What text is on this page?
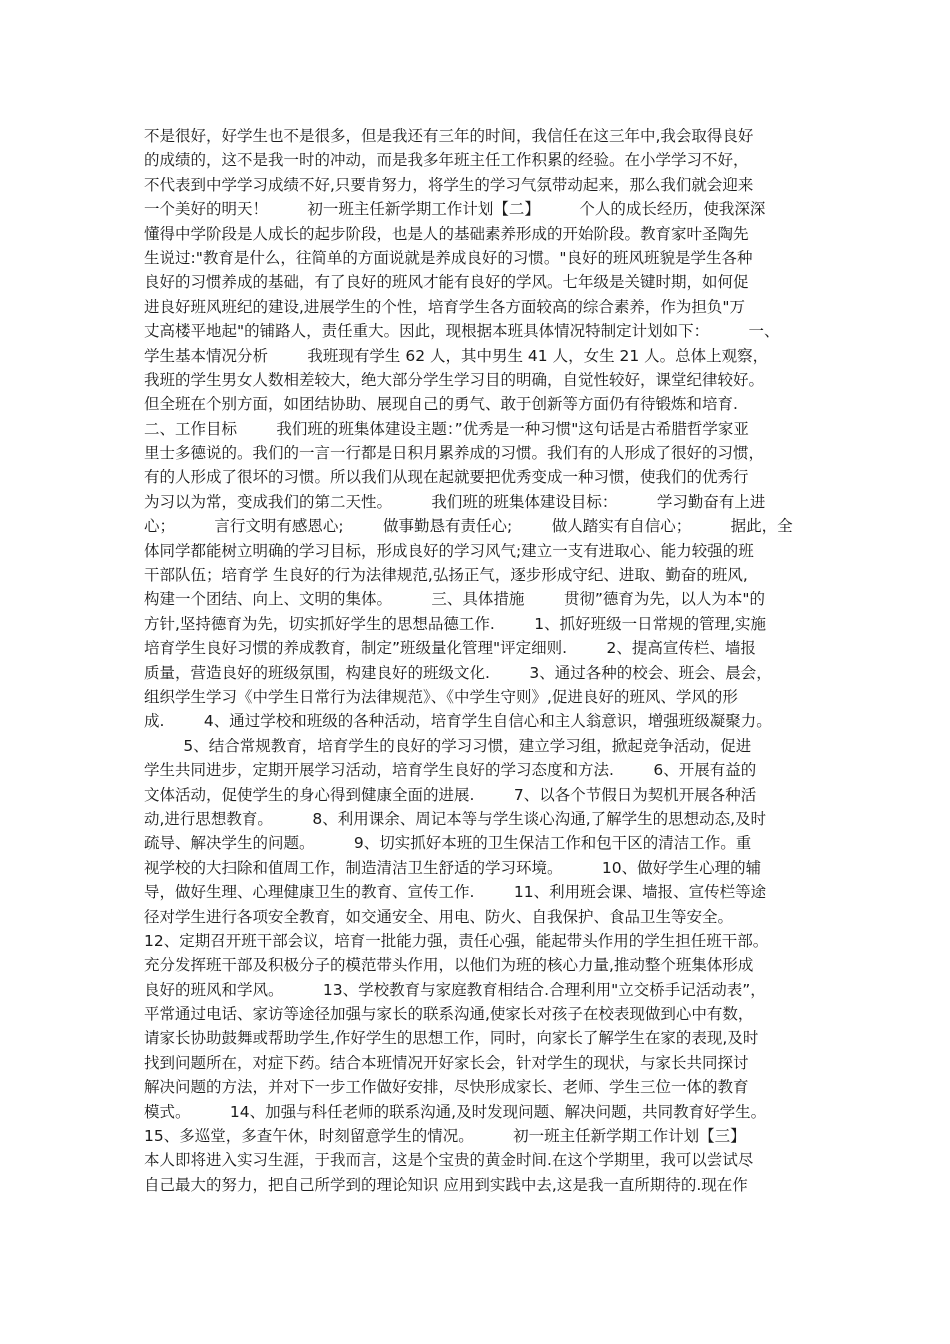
不是很好，好学生也不是很多，但是我还有三年的时间，我信任在这三年中,我会取得良好
的成绩的，这不是我一时的冲动，而是我多年班主任工作积累的经验。在小学学习不好，
不代表到中学学习成绩不好,只要肯努力，将学生的学习气氛带动起来，那么我们就会迎来
一个美好的明天！        初一班主任新学期工作计划【二】        个人的成长经历，使我深深
懂得中学阶段是人成长的起步阶段，也是人的基础素养形成的开始阶段。教育家叶圣陶先
生说过:"教育是什么，往简单的方面说就是养成良好的习惯。"良好的班风班貌是学生各种
良好的习惯养成的基础，有了良好的班风才能有良好的学风。七年级是关键时期，如何促
进良好班风班纪的建设,进展学生的个性，培育学生各方面较高的综合素养，作为担负"万
丈高楼平地起"的铺路人，责任重大。因此，现根据本班具体情况特制定计划如下：        一、
学生基本情况分析        我班现有学生 62 人，其中男生 41 人，女生 21 人。总体上观察，
我班的学生男女人数相差较大，绝大部分学生学习目的明确，自觉性较好，课堂纪律较好。
但全班在个别方面，如团结协助、展现自己的勇气、敢于创新等方面仍有待锻炼和培育.
二、工作目标        我们班的班集体建设主题：”优秀是一种习惯"这句话是古希腊哲学家亚
里士多德说的。我们的一言一行都是日积月累养成的习惯。我们有的人形成了很好的习惯，
有的人形成了很坏的习惯。所以我们从现在起就要把优秀变成一种习惯，使我们的优秀行
为习以为常，变成我们的第二天性。        我们班的班集体建设目标：        学习勤奋有上进
心；        言行文明有感恩心;        做事勤恳有责任心;        做人踏实有自信心；        据此，全
体同学都能树立明确的学习目标，形成良好的学习风气;建立一支有进取心、能力较强的班
干部队伍；培育学 生良好的行为法律规范,弘扬正气，逐步形成守纪、进取、勤奋的班风,
构建一个团结、向上、文明的集体。        三、具体措施        贯彻”德育为先，以人为本"的
方针,坚持德育为先，切实抓好学生的思想品德工作.        1、抓好班级一日常规的管理,实施
培育学生良好习惯的养成教育，制定”班级量化管理"评定细则.        2、提高宣传栏、墙报
质量，营造良好的班级氛围，构建良好的班级文化.        3、通过各种的校会、班会、晨会，
组织学生学习《中学生日常行为法律规范》、《中学生守则》,促进良好的班风、学风的形
成.        4、通过学校和班级的各种活动，培育学生自信心和主人翁意识，增强班级凝聚力。
5、结合常规教育，培育学生的良好的学习习惯，建立学习组，掀起竞争活动，促进
学生共同进步，定期开展学习活动，培育学生良好的学习态度和方法.        6、开展有益的
文体活动，促使学生的身心得到健康全面的进展.        7、以各个节假日为契机开展各种活
动,进行思想教育。        8、利用课余、周记本等与学生谈心沟通,了解学生的思想动态,及时
疏导、解决学生的问题。        9、切实抓好本班的卫生保洁工作和包干区的清洁工作。重
视学校的大扫除和值周工作，制造清洁卫生舒适的学习环境。        10、做好学生心理的辅
导，做好生理、心理健康卫生的教育、宣传工作.        11、利用班会课、墙报、宣传栏等途
径对学生进行各项安全教育，如交通安全、用电、防火、自我保护、食品卫生等安全。
12、定期召开班干部会议，培育一批能力强，责任心强，能起带头作用的学生担任班干部。
充分发挥班干部及积极分子的模范带头作用，以他们为班的核心力量,推动整个班集体形成
良好的班风和学风。        13、学校教育与家庭教育相结合.合理利用"立交桥手记活动表”，
平常通过电话、家访等途径加强与家长的联系沟通,使家长对孩子在校表现做到心中有数，
请家长协助鼓舞或帮助学生,作好学生的思想工作，同时，向家长了解学生在家的表现,及时
找到问题所在，对症下药。结合本班情况开好家长会，针对学生的现状，与家长共同探讨
解决问题的方法，并对下一步工作做好安排，尽快形成家长、老师、学生三位一体的教育
模式。        14、加强与科任老师的联系沟通,及时发现问题、解决问题，共同教育好学生。
15、多巡堂，多查午休，时刻留意学生的情况。        初一班主任新学期工作计划【三】
本人即将进入实习生涯，于我而言，这是个宝贵的黄金时间.在这个学期里，我可以尝试尽
自己最大的努力，把自己所学到的理论知识 应用到实践中去,这是我一直所期待的.现在作
